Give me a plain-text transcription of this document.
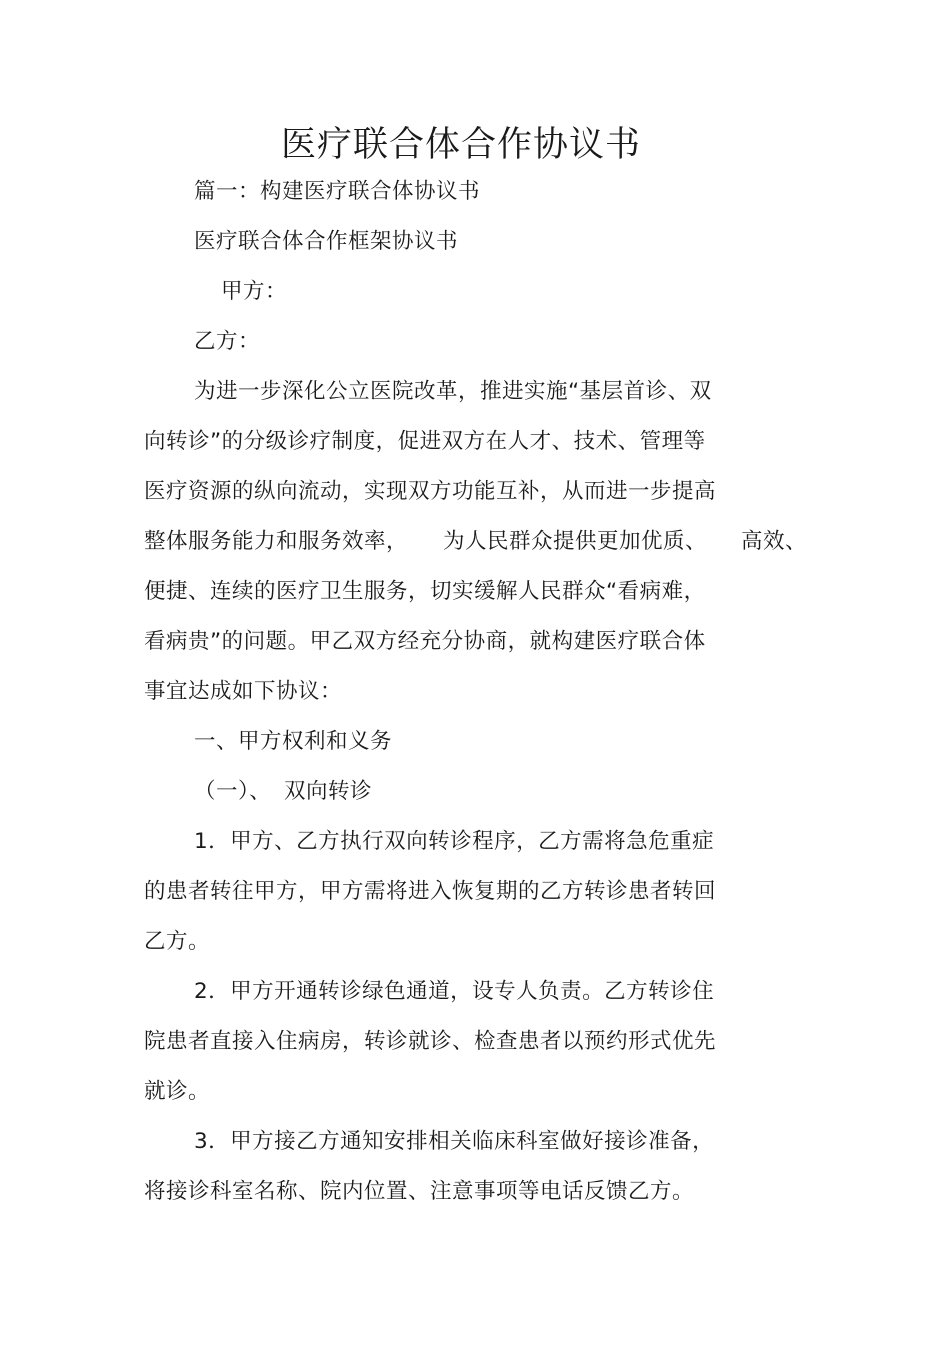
医疗联合体合作协议书
篇一：构建医疗联合体协议书
医疗联合体合作框架协议书
甲方：
乙方：
为进一步深化公立医院改革，推进实施“基层首诊、双
向转诊”的分级诊疗制度，促进双方在人才、技术、管理等
医疗资源的纵向流动，实现双方功能互补，从而进一步提高
整体服务能力和服务效率， 为人民群众提供更加优质、 高效、
便捷、连续的医疗卫生服务，切实缓解人民群众“看病难，
看病贵”的问题。甲乙双方经充分协商，就构建医疗联合体
事宜达成如下协议：
一、甲方权利和义务
（一）、 双向转诊
1．甲方、乙方执行双向转诊程序，乙方需将急危重症
的患者转往甲方，甲方需将进入恢复期的乙方转诊患者转回
乙方。
2．甲方开通转诊绿色通道，设专人负责。乙方转诊住
院患者直接入住病房，转诊就诊、检查患者以预约形式优先
就诊。
3．甲方接乙方通知安排相关临床科室做好接诊准备，
将接诊科室名称、院内位置、注意事项等电话反馈乙方。
